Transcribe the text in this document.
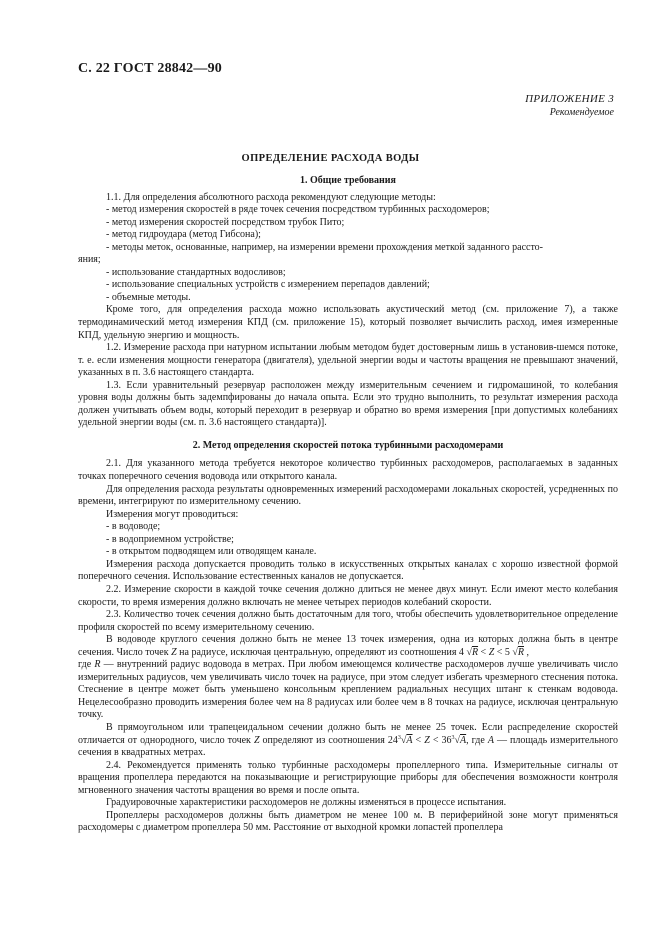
С. 22 ГОСТ 28842—90
ПРИЛОЖЕНИЕ 3
Рекомендуемое
ОПРЕДЕЛЕНИЕ РАСХОДА ВОДЫ

1. Общие требования

1.1. Для определения абсолютного расхода рекомендуют следующие методы:

- метод измерения скоростей в ряде точек сечения посредством турбинных расходомеров;

- метод измерения скоростей посредством трубок Пито;

- метод гидроудара (метод Гибсона);

- методы меток, основанные, например, на измерении времени прохождения меткой заданного рассто-

яния;

- использование стандартных водосливов;

- использование специальных устройств с измерением перепадов давлений;

- объемные методы.

Кроме того, для определения расхода можно использовать акустический метод (см. приложение 7), а также термодинамический метод измерения КПД (см. приложение 15), который позволяет вычислить расход, имея измеренные КПД, удельную энергию и мощность.

1.2. Измерение расхода при натурном испытании любым методом будет достоверным лишь в установив-шемся потоке, т. е. если изменения мощности генератора (двигателя), удельной энергии воды и частоты вращения не превышают значений, указанных в п. 3.6 настоящего стандарта.

1.3. Если уравнительный резервуар расположен между измерительным сечением и гидромашиной, то колебания уровня воды должны быть задемпфированы до начала опыта. Если это трудно выполнить, то результат измерения расхода должен учитывать объем воды, который переходит в резервуар и обратно во время измерения [при допустимых колебаниях удельной энергии воды (см. п. 3.6 настоящего стандарта)].

2. Метод определения скоростей потока турбинными расходомерами

2.1. Для указанного метода требуется некоторое количество турбинных расходомеров, располагаемых в заданных точках поперечного сечения водовода или открытого канала.

Для определения расхода результаты одновременных измерений расходомерами локальных скоростей, усредненных по времени, интегрируют по измерительному сечению.

Измерения могут проводиться:

- в водоводе;

- в водоприемном устройстве;

- в открытом подводящем или отводящем канале.

Измерения расхода допускается проводить только в искусственных открытых каналах с хорошо известной формой поперечного сечения. Использование естественных каналов не допускается.

2.2. Измерение скорости в каждой точке сечения должно длиться не менее двух минут. Если имеют место колебания скорости, то время измерения должно включать не менее четырех периодов колебаний скорости.

2.3. Количество точек сечения должно быть достаточным для того, чтобы обеспечить удовлетворительное определение профиля скоростей по всему измерительному сечению.

В водоводе круглого сечения должно быть не менее 13 точек измерения, одна из которых должна быть в центре сечения. Число точек Z на радиусе, исключая центральную, определяют из соотношения 4 √R < Z < 5 √R ,

где R — внутренний радиус водовода в метрах. При любом имеющемся количестве расходомеров лучше увеличивать число измерительных радиусов, чем увеличивать число точек на радиусе, при этом следует избегать чрезмерного стеснения потока. Стеснение в центре может быть уменьшено консольным креплением радиальных несущих штанг к стенкам водовода. Нецелесообразно проводить измерения более чем на 8 радиусах или более чем в 8 точках на радиусе, исключая центральную точку.

В прямоугольном или трапецеидальном сечении должно быть не менее 25 точек. Если распределение скоростей отличается от однородного, число точек Z определяют из соотношения $24^3√A < Z < 36^3√A$, где A — площадь измерительного сечения в квадратных метрах.

2.4. Рекомендуется применять только турбинные расходомеры пропеллерного типа. Измерительные сигналы от вращения пропеллера передаются на показывающие и регистрирующие приборы для обеспечения возможности контроля мгновенного значения частоты вращения во время и после опыта.

Градуировочные характеристики расходомеров не должны изменяться в процессе испытания.

Пропеллеры расходомеров должны быть диаметром не менее 100 м. В периферийной зоне могут применяться расходомеры с диаметром пропеллера 50 мм. Расстояние от выходной кромки лопастей пропеллера
